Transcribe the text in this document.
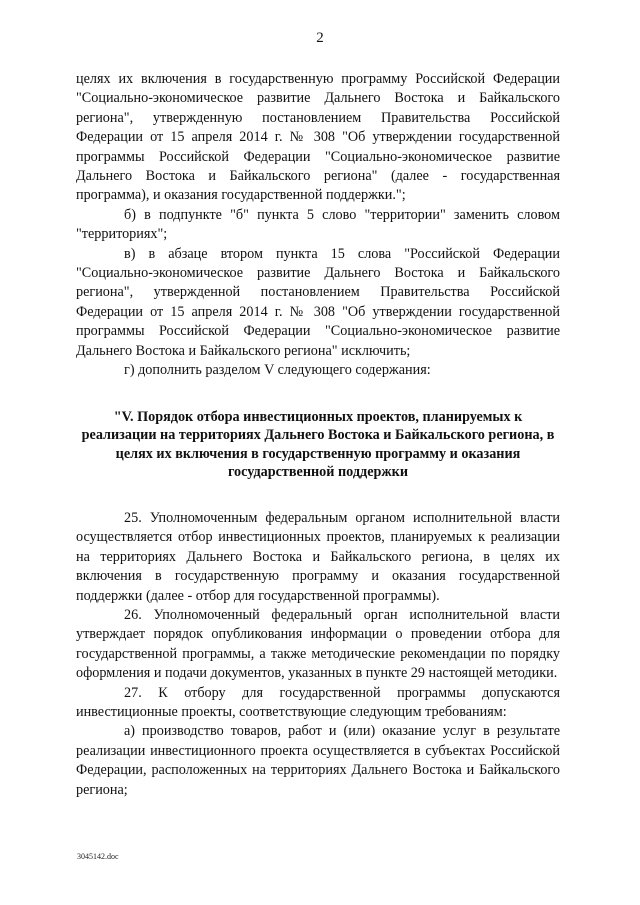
2

целях их включения в государственную программу Российской Федерации "Социально-экономическое развитие Дальнего Востока и Байкальского региона", утвержденную постановлением Правительства Российской Федерации от 15 апреля 2014 г. № 308 "Об утверждении государственной программы Российской Федерации "Социально-экономическое развитие Дальнего Востока и Байкальского региона" (далее - государственная программа), и оказания государственной поддержки.";

б) в подпункте "б" пункта 5 слово "территории" заменить словом "территориях";

в) в абзаце втором пункта 15 слова "Российской Федерации "Социально-экономическое развитие Дальнего Востока и Байкальского региона", утвержденной постановлением Правительства Российской Федерации от 15 апреля 2014 г. № 308 "Об утверждении государственной программы Российской Федерации "Социально-экономическое развитие Дальнего Востока и Байкальского региона" исключить;

г) дополнить разделом V следующего содержания:

"V. Порядок отбора инвестиционных проектов, планируемых к реализации на территориях Дальнего Востока и Байкальского региона, в целях их включения в государственную программу и оказания государственной поддержки

25. Уполномоченным федеральным органом исполнительной власти осуществляется отбор инвестиционных проектов, планируемых к реализации на территориях Дальнего Востока и Байкальского региона, в целях их включения в государственную программу и оказания государственной поддержки (далее - отбор для государственной программы).

26. Уполномоченный федеральный орган исполнительной власти утверждает порядок опубликования информации о проведении отбора для государственной программы, а также методические рекомендации по порядку оформления и подачи документов, указанных в пункте 29 настоящей методики.

27. К отбору для государственной программы допускаются инвестиционные проекты, соответствующие следующим требованиям:

а) производство товаров, работ и (или) оказание услуг в результате реализации инвестиционного проекта осуществляется в субъектах Российской Федерации, расположенных на территориях Дальнего Востока и Байкальского региона;

3045142.doc
